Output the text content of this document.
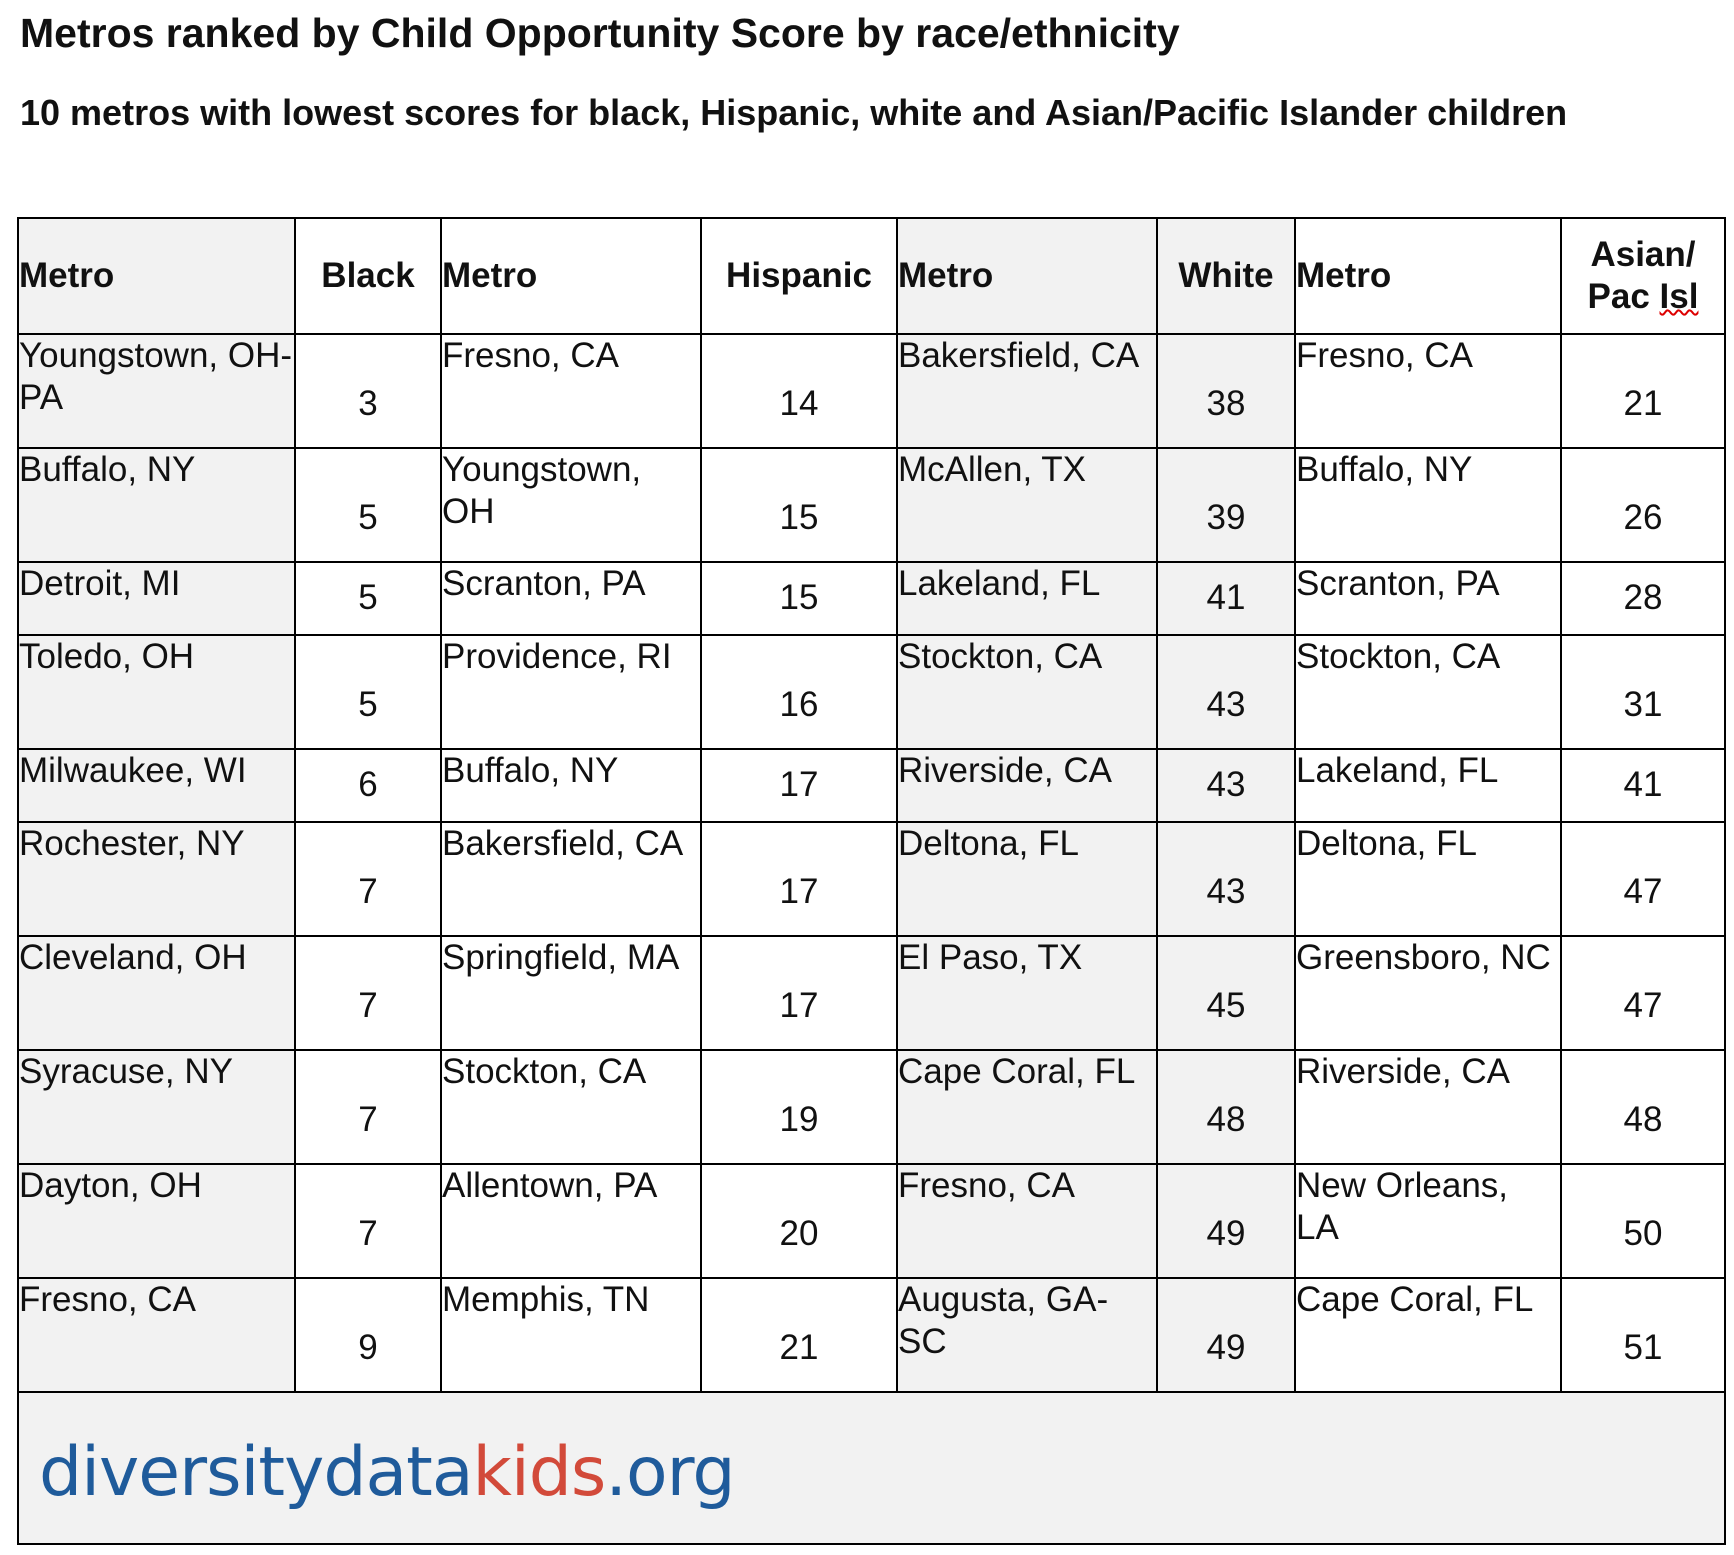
Metros ranked by Child Opportunity Score by race/ethnicity
10 metros with lowest scores for black, Hispanic, white and Asian/Pacific Islander children
Metro	Black	Metro	Hispanic	Metro	White	Metro	Asian/
Pac Isl
Youngstown, OH-PA	3	Fresno, CA	14	Bakersfield, CA	38	Fresno, CA	21
Buffalo, NY	5	Youngstown, OH	15	McAllen, TX	39	Buffalo, NY	26
Detroit, MI	5	Scranton, PA	15	Lakeland, FL	41	Scranton, PA	28
Toledo, OH	5	Providence, RI	16	Stockton, CA	43	Stockton, CA	31
Milwaukee, WI	6	Buffalo, NY	17	Riverside, CA	43	Lakeland, FL	41
Rochester, NY	7	Bakersfield, CA	17	Deltona, FL	43	Deltona, FL	47
Cleveland, OH	7	Springfield, MA	17	El Paso, TX	45	Greensboro, NC	47
Syracuse, NY	7	Stockton, CA	19	Cape Coral, FL	48	Riverside, CA	48
Dayton, OH	7	Allentown, PA	20	Fresno, CA	49	New Orleans, LA	50
Fresno, CA	9	Memphis, TN	21	Augusta, GA-SC	49	Cape Coral, FL	51
diversitydatakids.org							
